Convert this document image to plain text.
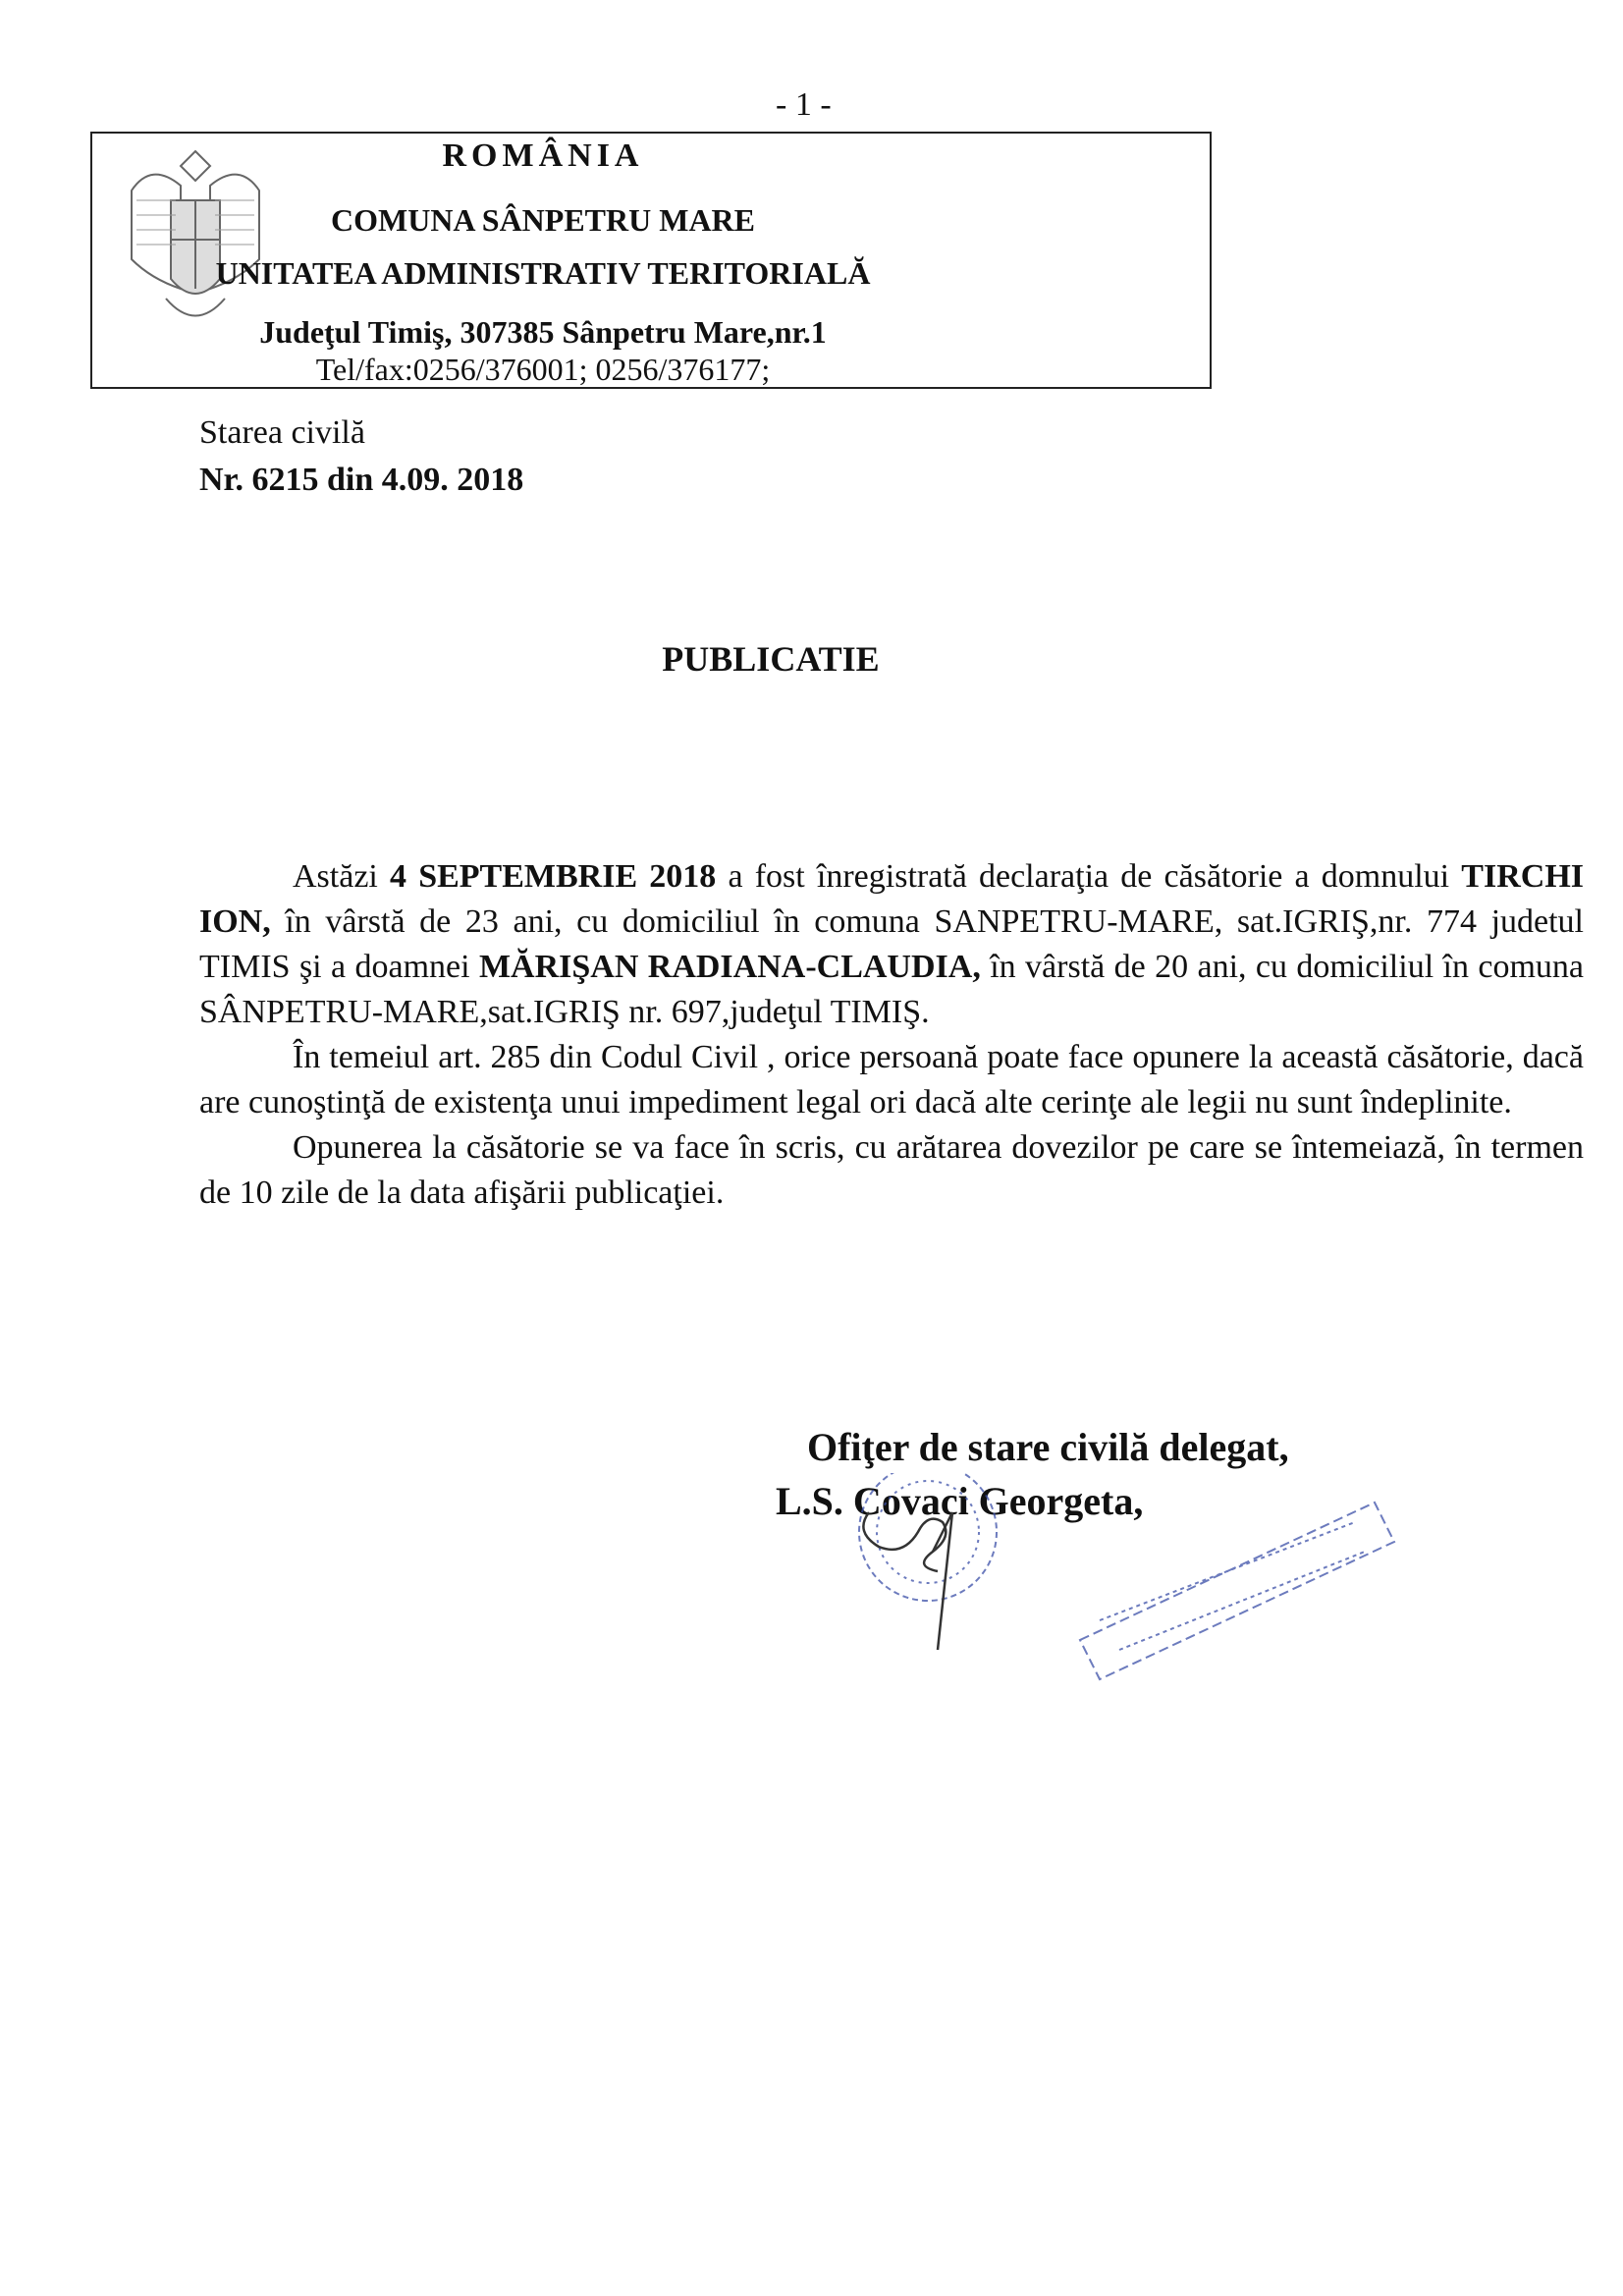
- 1 -
ROMÂNIA
COMUNA SÂNPETRU MARE
UNITATEA ADMINISTRATIV TERITORIALĂ
Judeţul Timiş, 307385 Sânpetru Mare,nr.1
Tel/fax:0256/376001; 0256/376177;
Starea civilă
Nr. 6215 din 4.09. 2018
PUBLICATIE

Astăzi 4 SEPTEMBRIE 2018 a fost înregistrată declaraţia de căsătorie a domnului TIRCHI ION, în vârstă de 23 ani, cu domiciliul în comuna SANPETRU-MARE, sat.IGRIŞ,nr. 774 judetul TIMIS şi a doamnei MĂRIŞAN RADIANA-CLAUDIA, în vârstă de 20 ani, cu domiciliul în comuna SÂNPETRU-MARE,sat.IGRIŞ nr. 697,judeţul TIMIŞ.

În temeiul art. 285 din Codul Civil , orice persoană poate face opunere la această căsătorie, dacă are cunoştinţă de existenţa unui impediment legal ori dacă alte cerinţe ale legii nu sunt îndeplinite.

Opunerea la căsătorie se va face în scris, cu arătarea dovezilor pe care se întemeiază, în termen de 10 zile de la data afişării publicaţiei.

Ofiţer de stare civilă delegat,
L.S. Covaci Georgeta,
